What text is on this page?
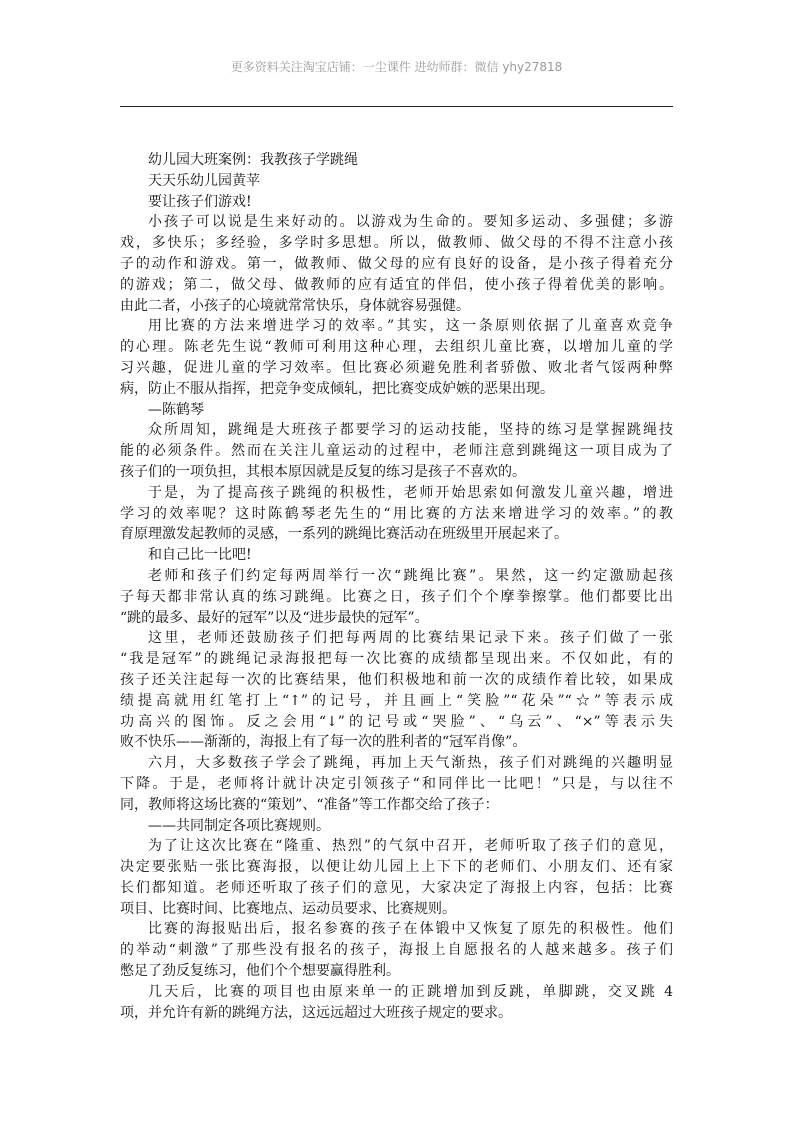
更多资料关注淘宝店铺：一尘课件 进幼师群：微信 yhy27818
幼儿园大班案例：我教孩子学跳绳
天天乐幼儿园黄苹
要让孩子们游戏!
小孩子可以说是生来好动的。以游戏为生命的。要知多运动、多强健；多游
戏，多快乐；多经验，多学时多思想。所以，做教师、做父母的不得不注意小孩
子的动作和游戏。第一，做教师、做父母的应有良好的设备，是小孩子得着充分
的游戏；第二，做父母、做教师的应有适宜的伴侣，使小孩子得着优美的影响。
由此二者，小孩子的心境就常常快乐，身体就容易强健。
用比赛的方法来增进学习的效率。”其实，这一条原则依据了儿童喜欢竞争
的心理。陈老先生说“教师可利用这种心理，去组织儿童比赛，以增加儿童的学
习兴趣，促进儿童的学习效率。但比赛必须避免胜利者骄傲、败北者气馁两种弊
病，防止不服从指挥，把竞争变成倾轧，把比赛变成妒嫉的恶果出现。
—陈鹤琴
众所周知，跳绳是大班孩子都要学习的运动技能，坚持的练习是掌握跳绳技
能的必须条件。然而在关注儿童运动的过程中，老师注意到跳绳这一项目成为了
孩子们的一项负担，其根本原因就是反复的练习是孩子不喜欢的。
于是，为了提高孩子跳绳的积极性，老师开始思索如何激发儿童兴趣，增进
学习的效率呢？这时陈鹤琴老先生的“用比赛的方法来增进学习的效率。”的教
育原理激发起教师的灵感，一系列的跳绳比赛活动在班级里开展起来了。
和自己比一比吧!
老师和孩子们约定每两周举行一次“跳绳比赛”。果然，这一约定激励起孩
子每天都非常认真的练习跳绳。比赛之日，孩子们个个摩拳擦掌。他们都要比出
“跳的最多、最好的冠军”以及“进步最快的冠军”。
这里，老师还鼓励孩子们把每两周的比赛结果记录下来。孩子们做了一张
“我是冠军”的跳绳记录海报把每一次比赛的成绩都呈现出来。不仅如此，有的
孩子还关注起每一次的比赛结果，他们积极地和前一次的成绩作着比较，如果成
绩提高就用红笔打上“↑”的记号，并且画上“笑脸”“花朵”“☆”等表示成
功高兴的图饰。反之会用“↓”的记号或“哭脸”、“乌云”、“×”等表示失
败不快乐——渐渐的，海报上有了每一次的胜利者的“冠军肖像”。
六月，大多数孩子学会了跳绳，再加上天气渐热，孩子们对跳绳的兴趣明显
下降。于是，老师将计就计决定引领孩子“和同伴比一比吧！”只是，与以往不
同，教师将这场比赛的“策划”、“准备”等工作都交给了孩子：
——共同制定各项比赛规则。
为了让这次比赛在“隆重、热烈”的气氛中召开，老师听取了孩子们的意见，
决定要张贴一张比赛海报，以便让幼儿园上上下下的老师们、小朋友们、还有家
长们都知道。老师还听取了孩子们的意见，大家决定了海报上内容，包括：比赛
项目、比赛时间、比赛地点、运动员要求、比赛规则。
比赛的海报贴出后，报名参赛的孩子在体锻中又恢复了原先的积极性。他们
的举动“刺激”了那些没有报名的孩子，海报上自愿报名的人越来越多。孩子们
憋足了劲反复练习，他们个个想要赢得胜利。
几天后，比赛的项目也由原来单一的正跳增加到反跳，单脚跳，交叉跳 4
项，并允许有新的跳绳方法，这远远超过大班孩子规定的要求。
